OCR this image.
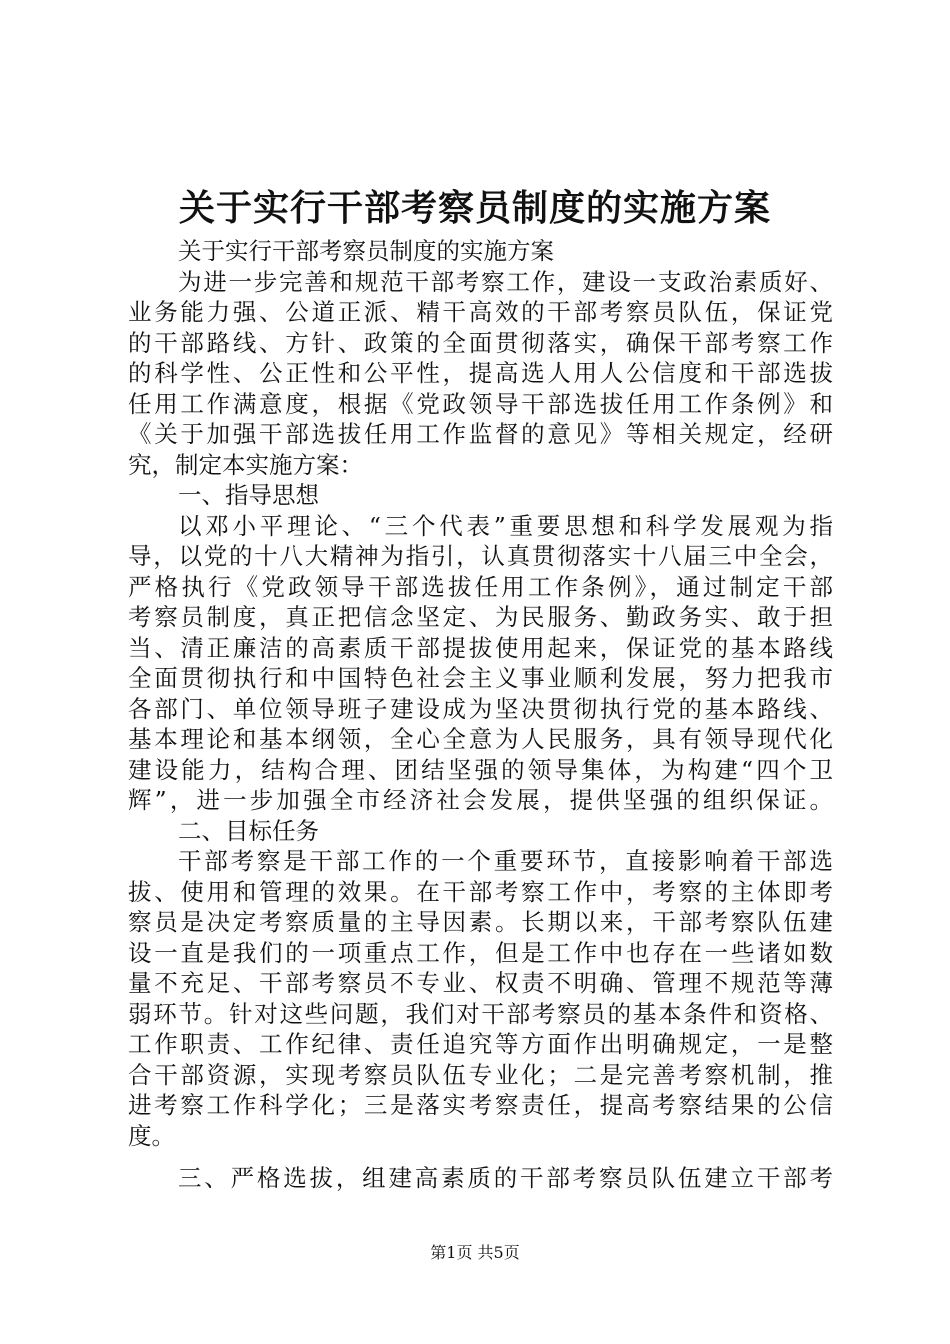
关于实行干部考察员制度的实施方案
关于实行干部考察员制度的实施方案
为进一步完善和规范干部考察工作，建设一支政治素质好、
业务能力强、公道正派、精干高效的干部考察员队伍，保证党
的干部路线、方针、政策的全面贯彻落实，确保干部考察工作
的科学性、公正性和公平性，提高选人用人公信度和干部选拔
任用工作满意度，根据《党政领导干部选拔任用工作条例》和
《关于加强干部选拔任用工作监督的意见》等相关规定，经研
究，制定本实施方案：
一、指导思想
以邓小平理论、“三个代表”重要思想和科学发展观为指
导，以党的十八大精神为指引，认真贯彻落实十八届三中全会，
严格执行《党政领导干部选拔任用工作条例》，通过制定干部
考察员制度，真正把信念坚定、为民服务、勤政务实、敢于担
当、清正廉洁的高素质干部提拔使用起来，保证党的基本路线
全面贯彻执行和中国特色社会主义事业顺利发展，努力把我市
各部门、单位领导班子建设成为坚决贯彻执行党的基本路线、
基本理论和基本纲领，全心全意为人民服务，具有领导现代化
建设能力，结构合理、团结坚强的领导集体，为构建“四个卫
辉”，进一步加强全市经济社会发展，提供坚强的组织保证。
二、目标任务
干部考察是干部工作的一个重要环节，直接影响着干部选
拔、使用和管理的效果。在干部考察工作中，考察的主体即考
察员是决定考察质量的主导因素。长期以来，干部考察队伍建
设一直是我们的一项重点工作，但是工作中也存在一些诸如数
量不充足、干部考察员不专业、权责不明确、管理不规范等薄
弱环节。针对这些问题，我们对干部考察员的基本条件和资格、
工作职责、工作纪律、责任追究等方面作出明确规定，一是整
合干部资源，实现考察员队伍专业化；二是完善考察机制，推
进考察工作科学化；三是落实考察责任，提高考察结果的公信
度。
三、严格选拔，组建高素质的干部考察员队伍建立干部考
第1页 共5页
